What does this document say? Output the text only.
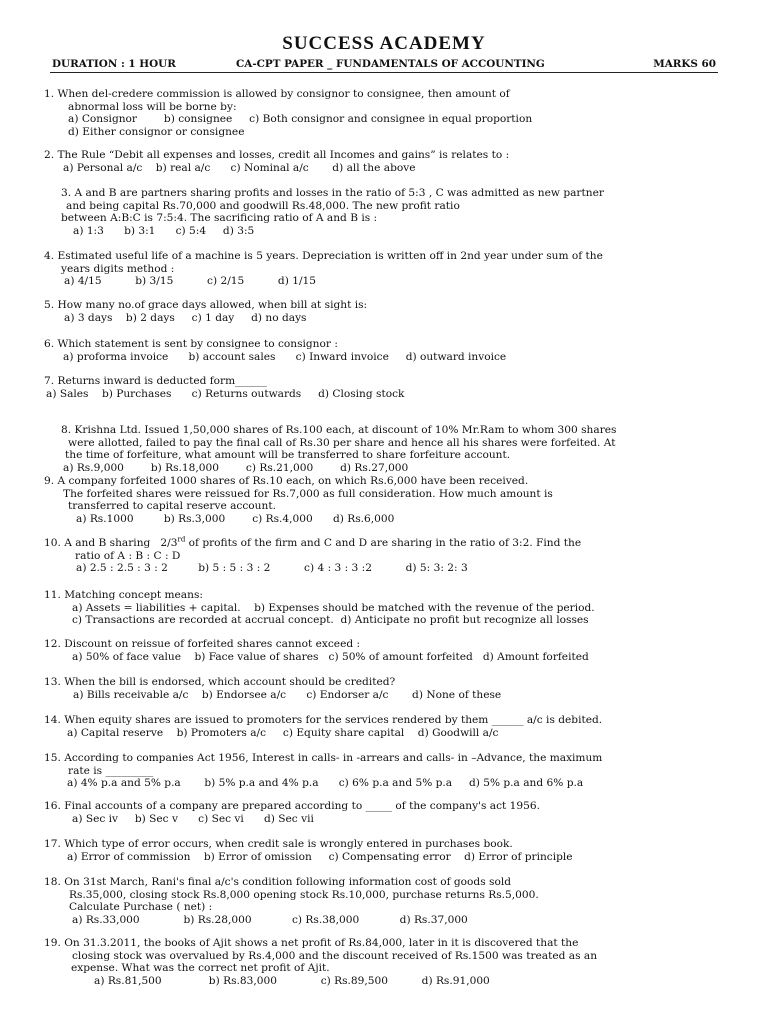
SUCCESS ACADEMY
DURATION : 1 HOUR	CA-CPT PAPER _ FUNDAMENTALS OF ACCOUNTING	MARKS 60
1. When del-credere commission is allowed by consignor to consignee, then amount of
abnormal loss will be borne by:
a) Consignor        b) consignee     c) Both consignor and consignee in equal proportion
d) Either consignor or consignee
2. The Rule “Debit all expenses and losses, credit all Incomes and gains” is relates to :
a) Personal a/c    b) real a/c      c) Nominal a/c       d) all the above
3. A and B are partners sharing profits and losses in the ratio of 5:3 , C was admitted as new partner
and being capital Rs.70,000 and goodwill Rs.48,000. The new profit ratio
between A:B:C is 7:5:4. The sacrificing ratio of A and B is :
a) 1:3      b) 3:1      c) 5:4     d) 3:5
4. Estimated useful life of a machine is 5 years. Depreciation is written off in 2nd year under sum of the
years digits method :
a) 4/15          b) 3/15          c) 2/15          d) 1/15
5. How many no.of grace days allowed, when bill at sight is:
a) 3 days    b) 2 days     c) 1 day     d) no days
6. Which statement is sent by consignee to consignor :
a) proforma invoice      b) account sales      c) Inward invoice     d) outward invoice
7. Returns inward is deducted form______
a) Sales    b) Purchases      c) Returns outwards     d) Closing stock
8. Krishna Ltd. Issued 1,50,000 shares of Rs.100 each, at discount of 10% Mr.Ram to whom 300 shares
were allotted, failed to pay the final call of Rs.30 per share and hence all his shares were forfeited. At
the time of forfeiture, what amount will be transferred to share forfeiture account.
a) Rs.9,000        b) Rs.18,000        c) Rs.21,000        d) Rs.27,000
9. A company forfeited 1000 shares of Rs.10 each, on which Rs.6,000 have been received.
The forfeited shares were reissued for Rs.7,000 as full consideration. How much amount is
transferred to capital reserve account.
a) Rs.1000         b) Rs.3,000        c) Rs.4,000      d) Rs.6,000
10. A and B sharing   2/3rd of profits of the firm and C and D are sharing in the ratio of 3:2. Find the
ratio of A : B : C : D
a) 2.5 : 2.5 : 3 : 2         b) 5 : 5 : 3 : 2          c) 4 : 3 : 3 :2          d) 5: 3: 2: 3
11. Matching concept means:
a) Assets = liabilities + capital.    b) Expenses should be matched with the revenue of the period.
c) Transactions are recorded at accrual concept.  d) Anticipate no profit but recognize all losses
12. Discount on reissue of forfeited shares cannot exceed :
a) 50% of face value    b) Face value of shares   c) 50% of amount forfeited   d) Amount forfeited
13. When the bill is endorsed, which account should be credited?
a) Bills receivable a/c    b) Endorsee a/c      c) Endorser a/c       d) None of these
14. When equity shares are issued to promoters for the services rendered by them ______ a/c is debited.
a) Capital reserve    b) Promoters a/c     c) Equity share capital    d) Goodwill a/c
15. According to companies Act 1956, Interest in calls- in -arrears and calls- in –Advance, the maximum
rate is _________
a) 4% p.a and 5% p.a       b) 5% p.a and 4% p.a      c) 6% p.a and 5% p.a     d) 5% p.a and 6% p.a
16. Final accounts of a company are prepared according to _____ of the company's act 1956.
a) Sec iv     b) Sec v      c) Sec vi      d) Sec vii
17. Which type of error occurs, when credit sale is wrongly entered in purchases book.
a) Error of commission    b) Error of omission     c) Compensating error    d) Error of principle
18. On 31st March, Rani's final a/c's condition following information cost of goods sold
Rs.35,000, closing stock Rs.8,000 opening stock Rs.10,000, purchase returns Rs.5,000.
Calculate Purchase ( net) :
a) Rs.33,000             b) Rs.28,000            c) Rs.38,000            d) Rs.37,000
19. On 31.3.2011, the books of Ajit shows a net profit of Rs.84,000, later in it is discovered that the
closing stock was overvalued by Rs.4,000 and the discount received of Rs.1500 was treated as an
expense. What was the correct net profit of Ajit.
a) Rs.81,500              b) Rs.83,000             c) Rs.89,500          d) Rs.91,000
